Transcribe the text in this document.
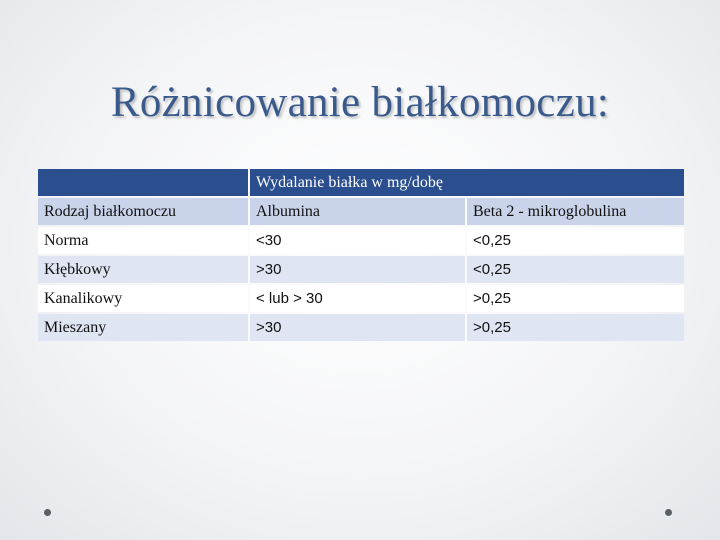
Różnicowanie białkomoczu:
	Wydalanie białka w mg/dobę	
Rodzaj białkomoczu	Albumina	Beta 2 - mikroglobulina
Norma	<30	<0,25
Kłębkowy	>30	<0,25
Kanalikowy	< lub > 30	>0,25
Mieszany	>30	>0,25
